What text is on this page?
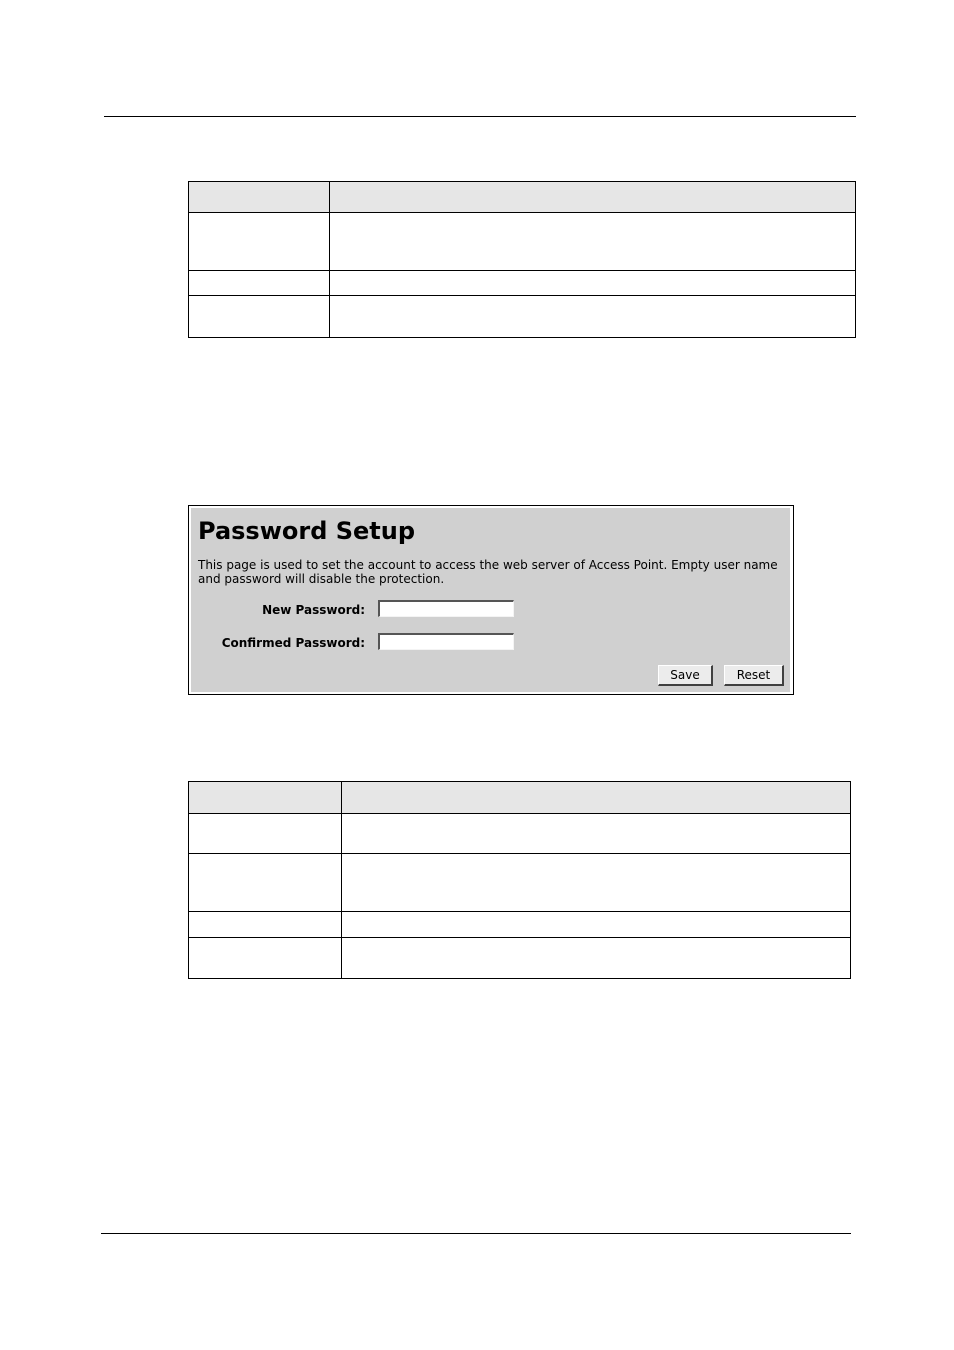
Password Setup

This page is used to set the account to access the web server of Access Point. Empty user name and password will disable the protection.

New Password:
Confirmed Password:
Save	Reset
